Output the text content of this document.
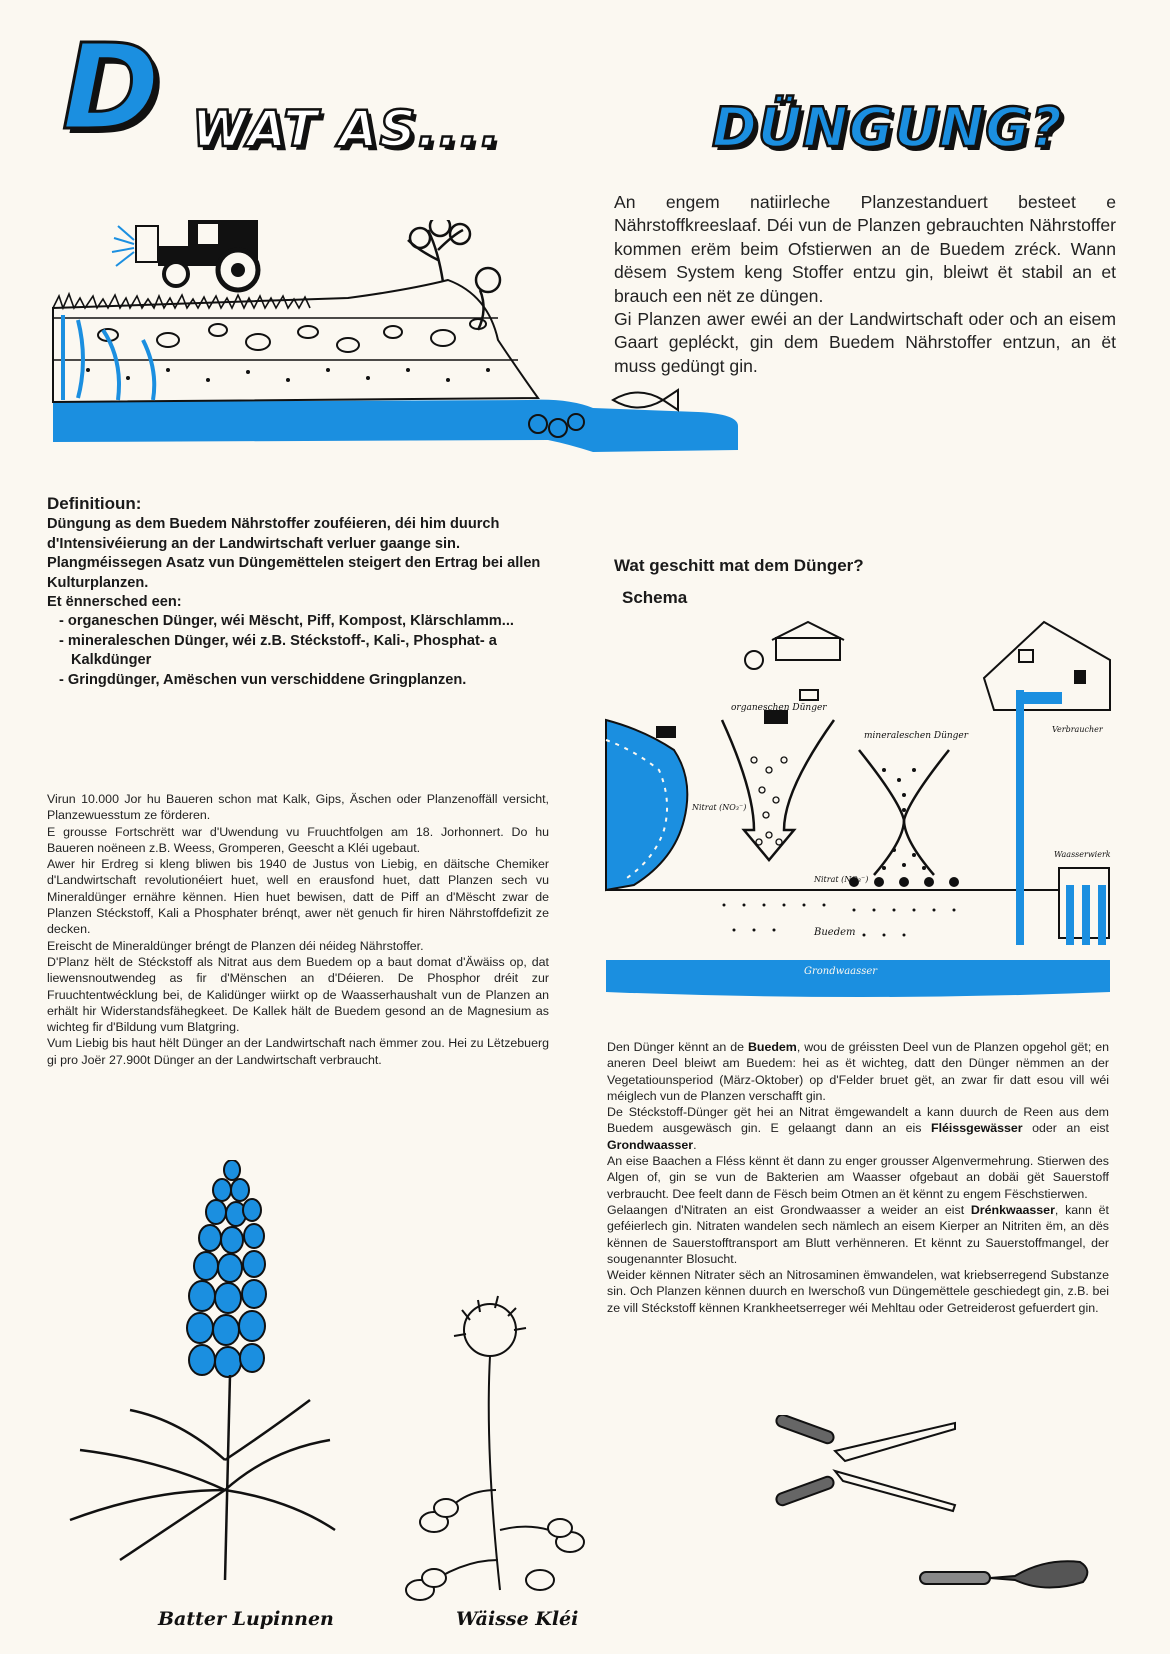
D WAT AS....	DÜNGUNG?

An engem natiirleche Planzestanduert besteet e Nährstoffkreeslaaf. Déi vun de Planzen gebrauchten Nährstoffer kommen erëm beim Ofstierwen an de Buedem zréck. Wann dësem System keng Stoffer entzu gin, bleiwt ët stabil an et brauch een nët ze düngen.

Gi Planzen awer ewéi an der Landwirtschaft oder och an eisem Gaart gepléckt, gin dem Buedem Nährstoffer entzun, an ët muss gedüngt gin.

Definitioun:

Düngung as dem Buedem Nährstoffer zouféieren, déi him duurch d'Intensivéierung an der Landwirtschaft verluer gaange sin. Plangméissegen Asatz vun Düngemëttelen steigert den Ertrag bei allen Kulturplanzen.

Et ënnersched een:

- organeschen Dünger, wéi Mëscht, Piff, Kompost, Klärschlamm...
- mineraleschen Dünger, wéi z.B. Stéckstoff-, Kali-, Phosphat- a Kalkdünger
- Gringdünger, Amëschen vun verschiddene Gringplanzen.
Wat geschitt mat dem Dünger?
Schema
organeschen Dünger
mineraleschen Dünger
Nitrat (NO₃⁻)
Nitrat (NO₃⁻)
Buedem
Grondwaasser
Verbraucher
Waasserwierk

Virun 10.000 Jor hu Baueren schon mat Kalk, Gips, Äschen oder Planzenoffäll versicht, Planzewuesstum ze förderen.

E grousse Fortschrëtt war d'Uwendung vu Fruuchtfolgen am 18. Jorhonnert. Do hu Baueren noëneen z.B. Weess, Gromperen, Geescht a Kléi ugebaut.

Awer hir Erdreg si kleng bliwen bis 1940 de Justus von Liebig, en däitsche Chemiker d'Landwirtschaft revolutionéiert huet, well en erausfond huet, datt Planzen sech vu Mineraldünger ernähre kënnen. Hien huet bewisen, datt de Piff an d'Mëscht zwar de Planzen Stéckstoff, Kali a Phosphater brénqt, awer nët genuch fir hiren Nährstoffdefizit ze decken.

Ereischt de Mineraldünger bréngt de Planzen déi néideg Nährstoffer.

D'Planz hëlt de Stéckstoff als Nitrat aus dem Buedem op a baut domat d'Äwäiss op, dat liewensnoutwendeg as fir d'Mënschen an d'Déieren. De Phosphor dréit zur Fruuchtentwécklung bei, de Kalidünger wiirkt op de Waasserhaushalt vun de Planzen an erhält hir Widerstandsfähegkeet. De Kallek hält de Buedem gesond an de Magnesium as wichteg fir d'Bildung vum Blatgring.

Vum Liebig bis haut hëlt Dünger an der Landwirtschaft nach ëmmer zou. Hei zu Lëtzebuerg gi pro Joër 27.900t Dünger an der Landwirtschaft verbraucht.

Den Dünger kënnt an de Buedem, wou de gréissten Deel vun de Planzen opgehol gët; en aneren Deel bleiwt am Buedem: hei as ët wichteg, datt den Dünger nëmmen an der Vegetatiounsperiod (März-Oktober) op d'Felder bruet gët, an zwar fir datt esou vill wéi méiglech vun de Planzen verschafft gin.

De Stéckstoff-Dünger gët hei an Nitrat ëmgewandelt a kann duurch de Reen aus dem Buedem ausgewäsch gin. E gelaangt dann an eis Fléissgewässer oder an eist Grondwaasser.

An eise Baachen a Fléss kënnt ët dann zu enger grousser Algenvermehrung. Stierwen des Algen of, gin se vun de Bakterien am Waasser ofgebaut an dobäi gët Sauerstoff verbraucht. Dee feelt dann de Fësch beim Otmen an ët kënnt zu engem Fëschstierwen.

Gelaangen d'Nitraten an eist Grondwaasser a weider an eist Drénkwaasser, kann ët geféierlech gin. Nitraten wandelen sech nämlech an eisem Kierper an Nitriten ëm, an dës kënnen de Sauerstofftransport am Blutt verhënneren. Et kënnt zu Sauerstoffmangel, der sougenannter Blosucht.

Weider kënnen Nitrater sëch an Nitrosaminen ëmwandelen, wat kriebserregend Substanze sin. Och Planzen kënnen duurch en Iwerschoß vun Düngemëttele geschiedegt gin, z.B. bei ze vill Stéckstoff kënnen Krankheetserreger wéi Mehltau oder Getreiderost gefuerdert gin.

Batter Lupinnen	Wäisse Kléi
